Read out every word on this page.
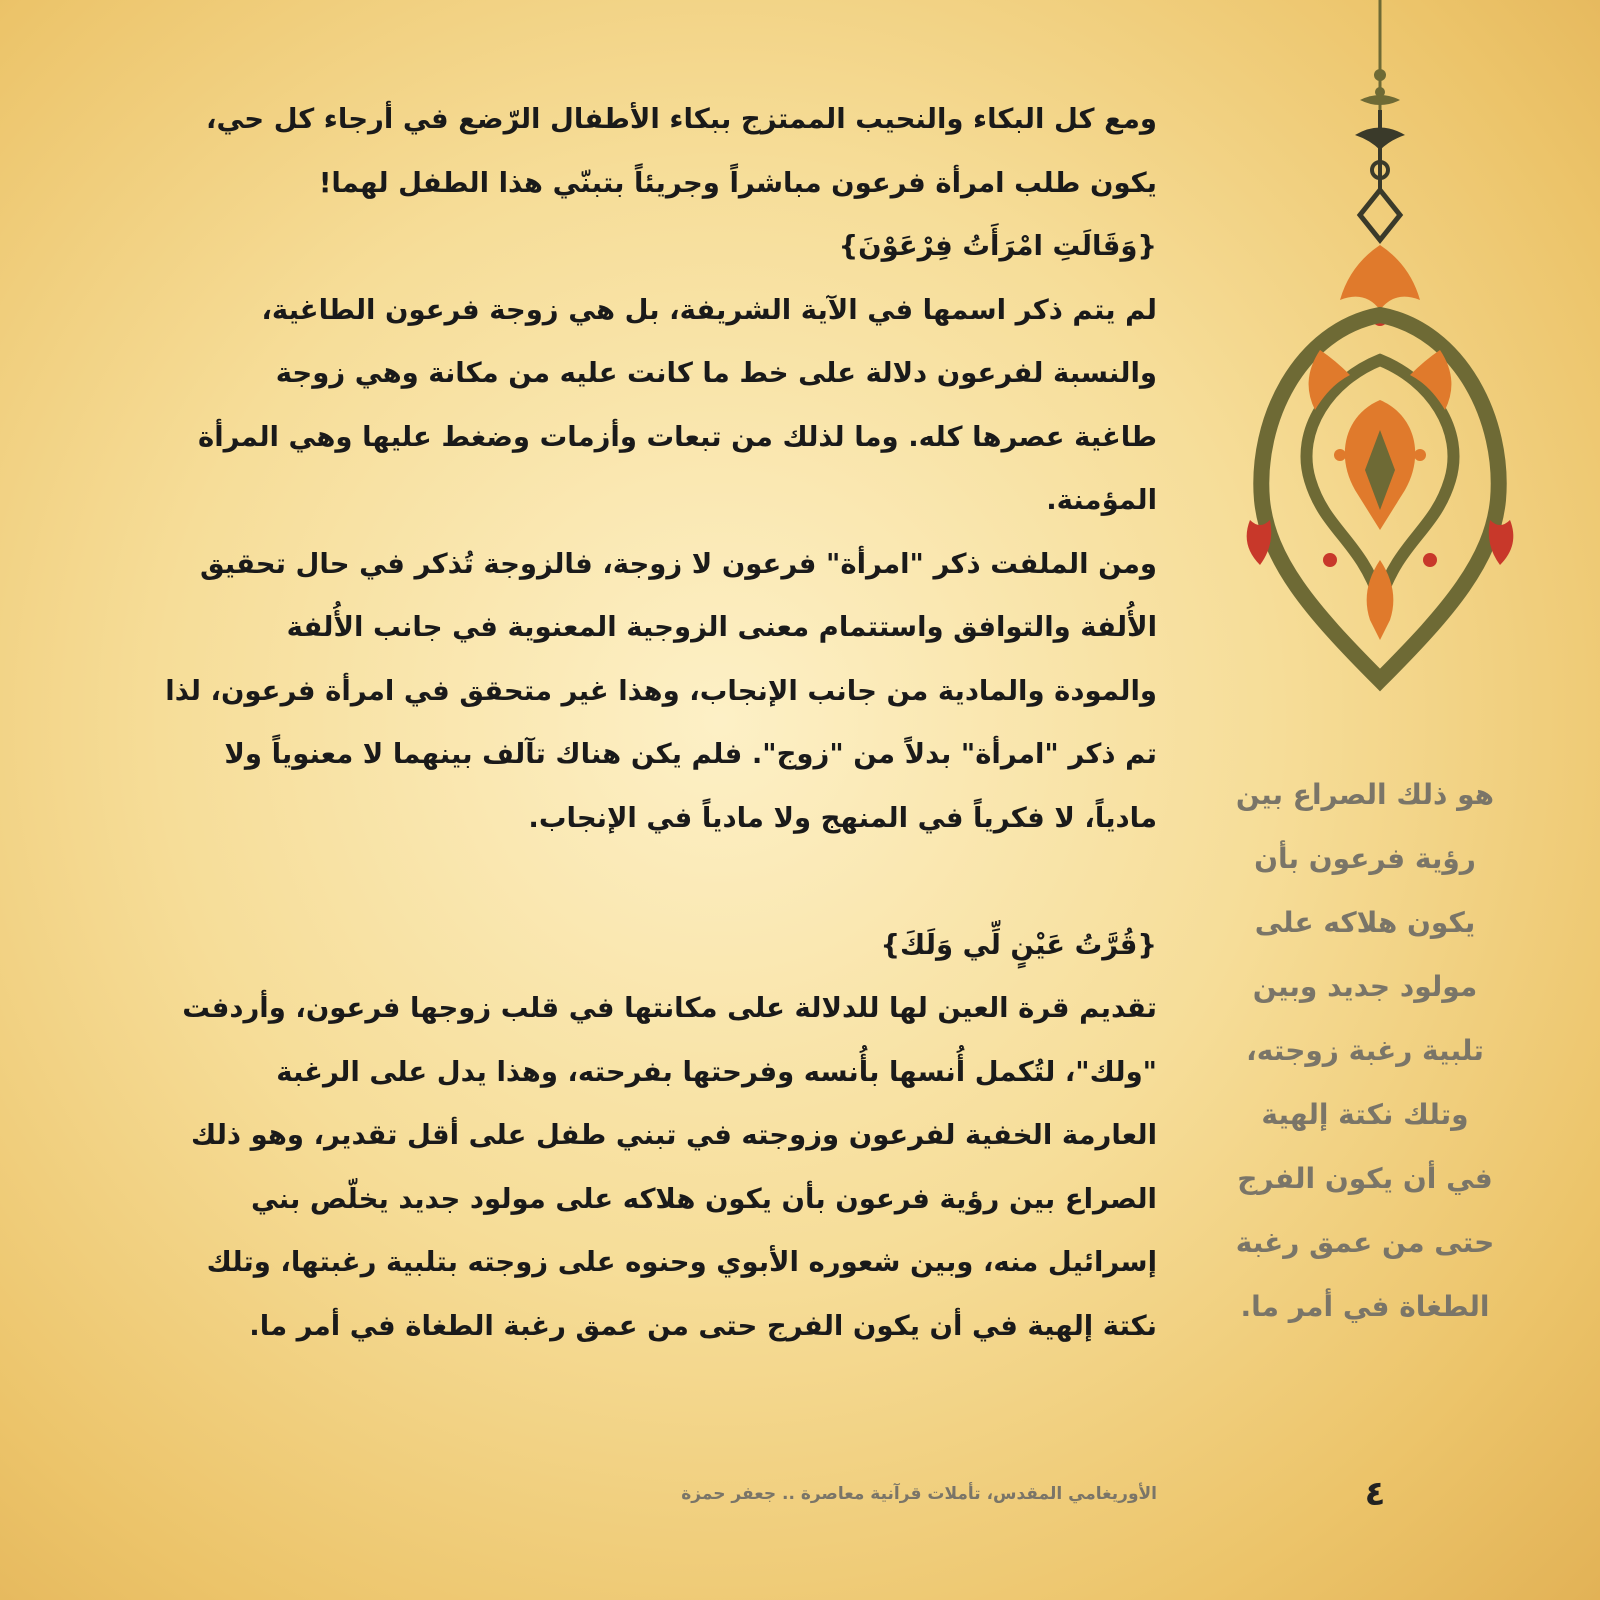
ومع كل البكاء والنحيب الممتزج ببكاء الأطفال الرّضع في أرجاء كل حي،
يكون طلب امرأة فرعون مباشراً وجريئاً بتبنّي هذا الطفل لهما!
{وَقَالَتِ امْرَأَتُ فِرْعَوْنَ}
لم يتم ذكر اسمها في الآية الشريفة، بل هي زوجة فرعون الطاغية،
والنسبة لفرعون دلالة على خط ما كانت عليه من مكانة وهي زوجة
طاغية عصرها كله. وما لذلك من تبعات وأزمات وضغط عليها وهي المرأة
المؤمنة.
ومن الملفت ذكر "امرأة" فرعون لا زوجة، فالزوجة تُذكر في حال تحقيق
الأُلفة والتوافق واستتمام معنى الزوجية المعنوية في جانب الأُلفة
والمودة والمادية من جانب الإنجاب، وهذا غير متحقق في امرأة فرعون، لذا
تم ذكر "امرأة" بدلاً من "زوج". فلم يكن هناك تآلف بينهما لا معنوياً ولا
مادياً، لا فكرياً في المنهج ولا مادياً في الإنجاب.
{قُرَّتُ عَيْنٍ لِّي وَلَكَ}
تقديم قرة العين لها للدلالة على مكانتها في قلب زوجها فرعون، وأردفت
"ولك"، لتُكمل أُنسها بأُنسه وفرحتها بفرحته، وهذا يدل على الرغبة
العارمة الخفية لفرعون وزوجته في تبني طفل على أقل تقدير، وهو ذلك
الصراع بين رؤية فرعون بأن يكون هلاكه على مولود جديد يخلّص بني
إسرائيل منه، وبين شعوره الأبوي وحنوه على زوجته بتلبية رغبتها، وتلك
نكتة إلهية في أن يكون الفرج حتى من عمق رغبة الطغاة في أمر ما.
هو ذلك الصراع بين
رؤية فرعون بأن
يكون هلاكه على
مولود جديد وبين
تلبية رغبة زوجته،
وتلك نكتة إلهية
في أن يكون الفرج
حتى من عمق رغبة
الطغاة في أمر ما.
الأوريغامي المقدس، تأملات قرآنية معاصرة .. جعفر حمزة	٤
